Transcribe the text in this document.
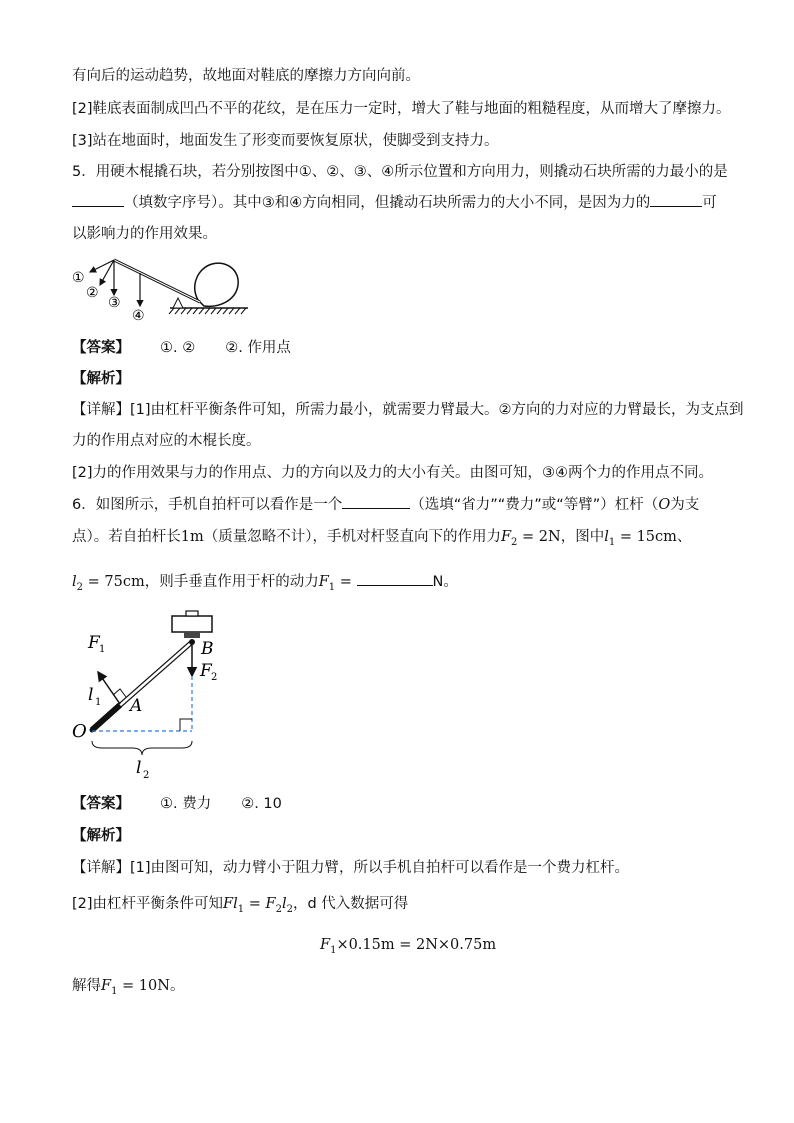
有向后的运动趋势，故地面对鞋底的摩擦力方向向前。
[2]鞋底表面制成凹凸不平的花纹，是在压力一定时，增大了鞋与地面的粗糙程度，从而增大了摩擦力。
[3]站在地面时，地面发生了形变而要恢复原状，使脚受到支持力。
5．用硬木棍撬石块，若分别按图中①、②、③、④所示位置和方向用力，则撬动石块所需的力最小的是
（填数字序号）。其中③和④方向相同，但撬动石块所需力的大小不同，是因为力的	可
以影响力的作用效果。
①
②
③
④
【答案】 ①. ② ②. 作用点
【解析】
【详解】[1]由杠杆平衡条件可知，所需力最小，就需要力臂最大。②方向的力对应的力臂最长，为支点到
力的作用点对应的木棍长度。
[2]力的作用效果与力的作用点、力的方向以及力的大小有关。由图可知，③④两个力的作用点不同。
6．如图所示，手机自拍杆可以看作是一个	（选填“省力”“费力”或“等臂”）杠杆（O为支
点）。若自拍杆长1m（质量忽略不计），手机对杆竖直向下的作用力$F_2 = 2N$，图中$l_1 = 15cm$、
$l_2 = 75cm$，则手垂直作用于杆的动力$F_1$ =	N。
F 1	B
F 2
l 1 A
O
l 2
【答案】 ①. 费力 ②. 10
【解析】
【详解】[1]由图可知，动力臂小于阻力臂，所以手机自拍杆可以看作是一个费力杠杆。
[2]由杠杆平衡条件可知$Fl_1 = F_2l_2$，d 代入数据可得
$F_1\times 0.15m = 2N\times 0.75m$
解得$F_1 = 10N$。
